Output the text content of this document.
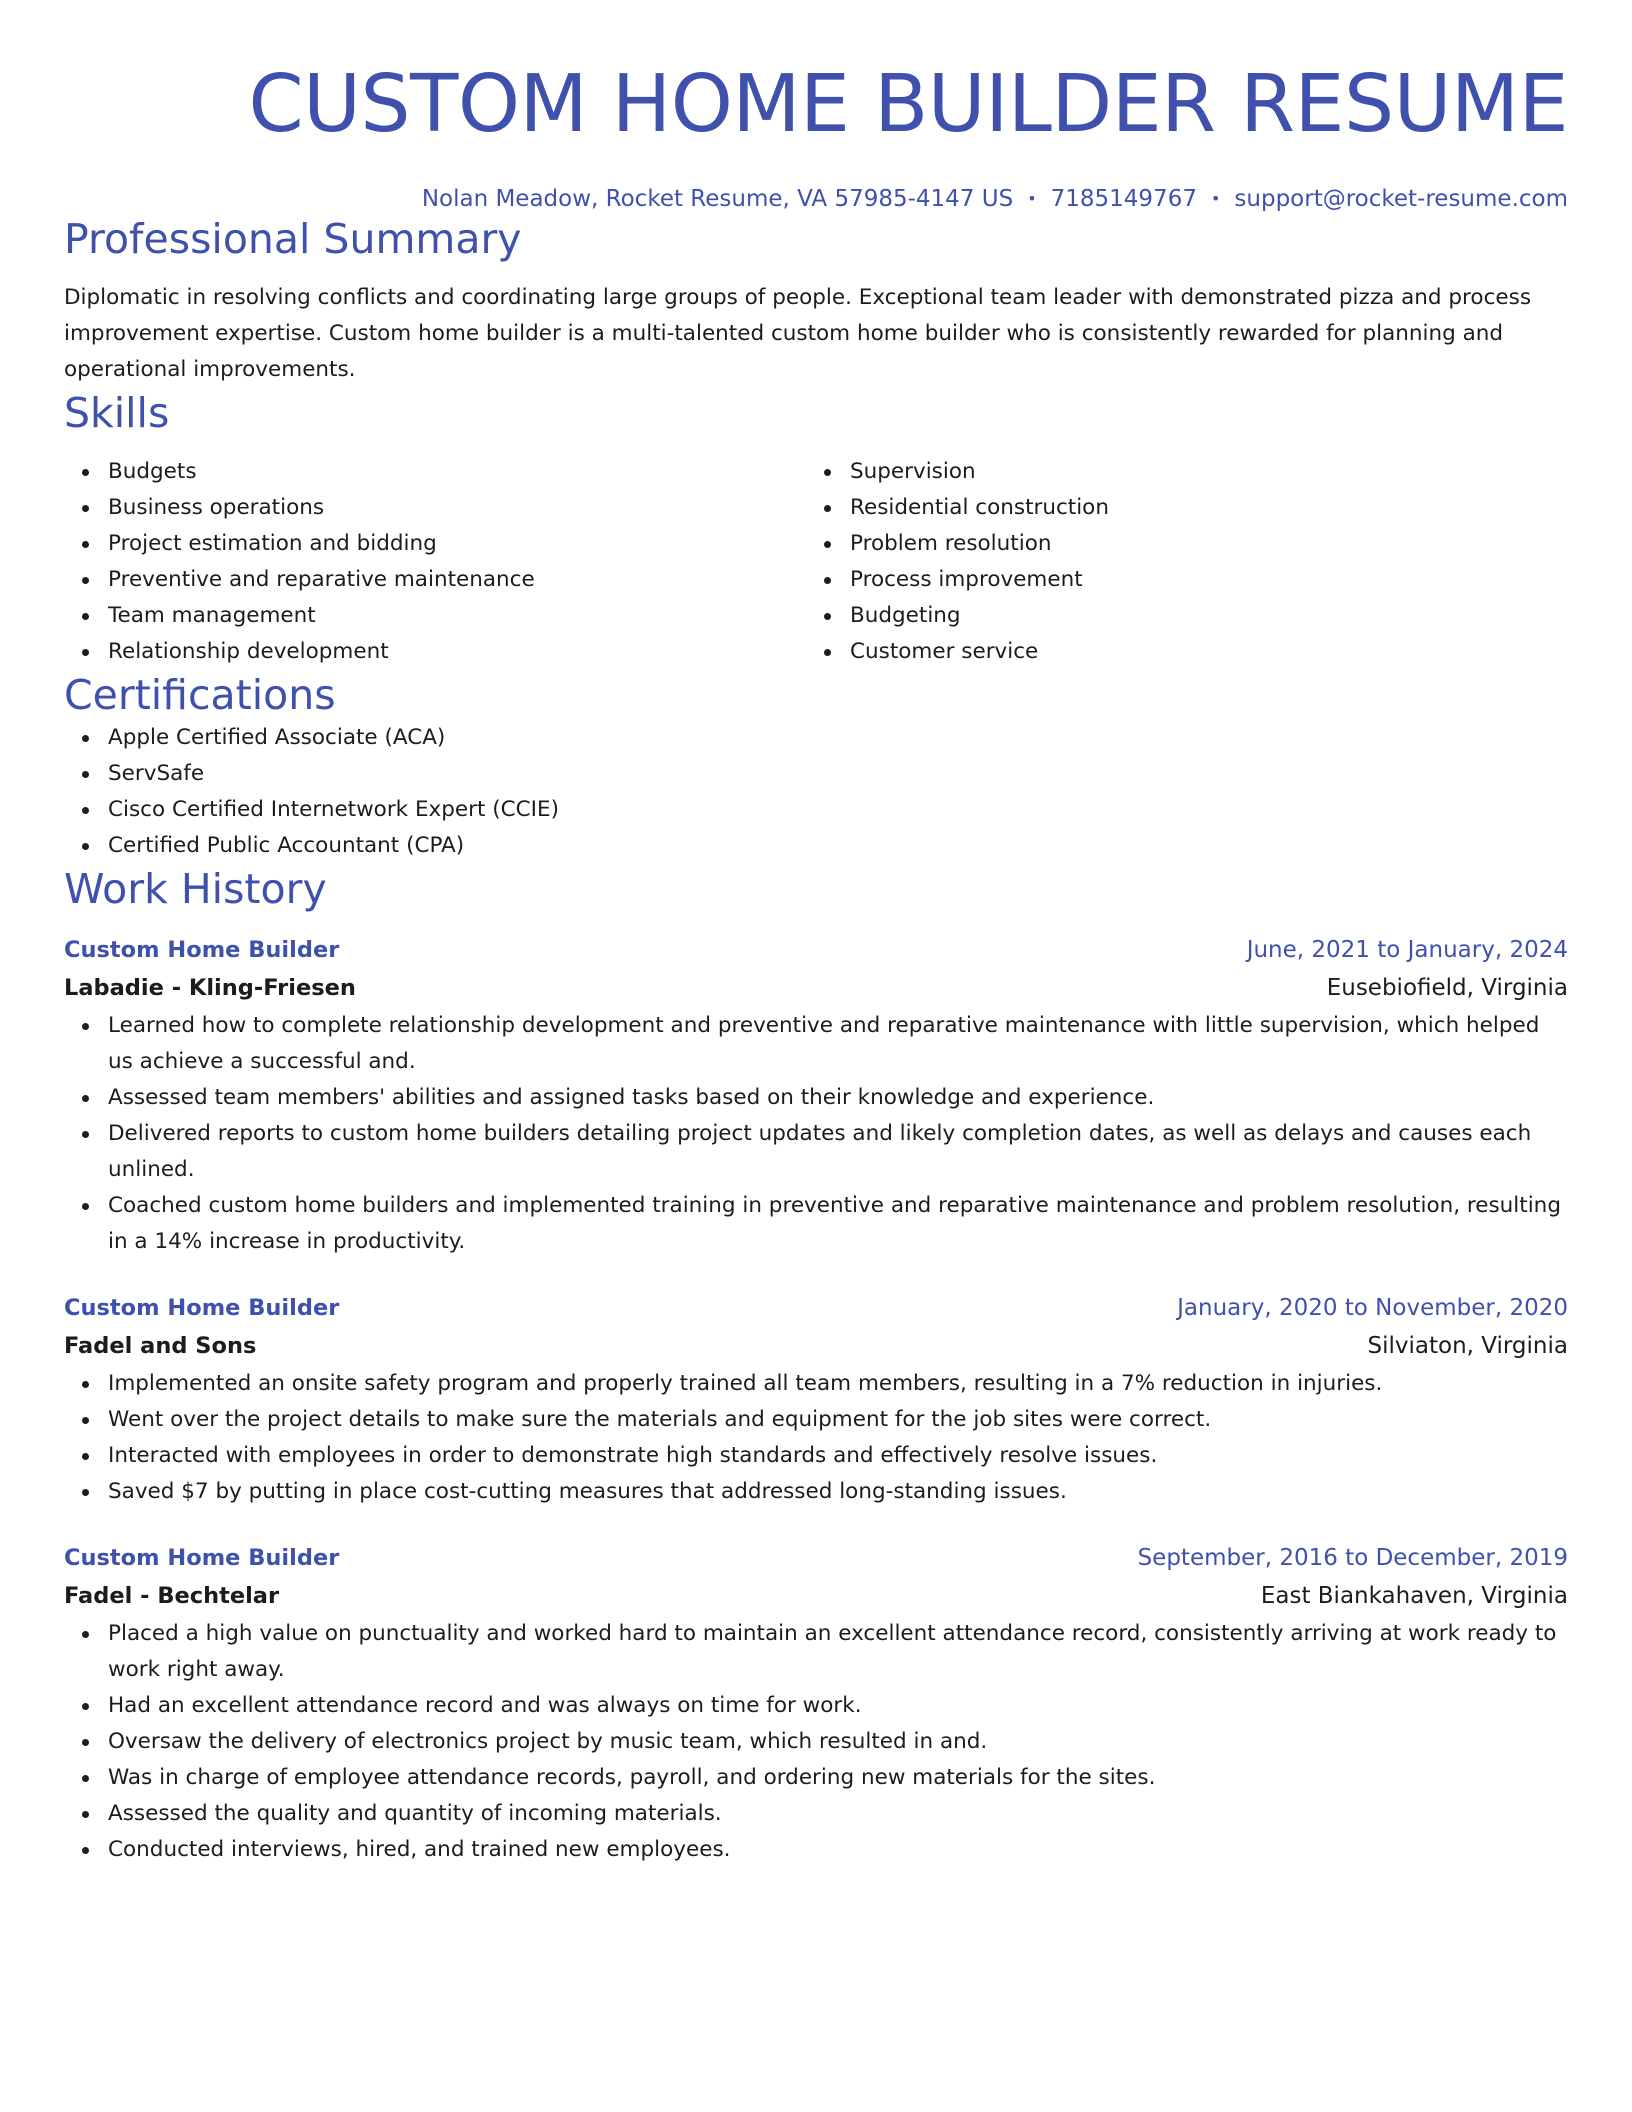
CUSTOM HOME BUILDER RESUME
Nolan Meadow, Rocket Resume, VA 57985-4147 US • 7185149767 • support@rocket-resume.com
Professional Summary

Diplomatic in resolving conflicts and coordinating large groups of people. Exceptional team leader with demonstrated pizza and process improvement expertise. Custom home builder is a multi-talented custom home builder who is consistently rewarded for planning and operational improvements.

Skills
Budgets
Business operations
Project estimation and bidding
Preventive and reparative maintenance
Team management
Relationship development
Supervision
Residential construction
Problem resolution
Process improvement
Budgeting
Customer service
Certifications
Apple Certified Associate (ACA)
ServSafe
Cisco Certified Internetwork Expert (CCIE)
Certified Public Accountant (CPA)
Work History
Custom Home Builder	June, 2021 to January, 2024
Labadie - Kling-Friesen	Eusebiofield, Virginia
Learned how to complete relationship development and preventive and reparative maintenance with little supervision, which helped us achieve a successful and.
Assessed team members' abilities and assigned tasks based on their knowledge and experience.
Delivered reports to custom home builders detailing project updates and likely completion dates, as well as delays and causes each unlined.
Coached custom home builders and implemented training in preventive and reparative maintenance and problem resolution, resulting in a 14% increase in productivity.
Custom Home Builder	January, 2020 to November, 2020
Fadel and Sons	Silviaton, Virginia
Implemented an onsite safety program and properly trained all team members, resulting in a 7% reduction in injuries.
Went over the project details to make sure the materials and equipment for the job sites were correct.
Interacted with employees in order to demonstrate high standards and effectively resolve issues.
Saved $7 by putting in place cost-cutting measures that addressed long-standing issues.
Custom Home Builder	September, 2016 to December, 2019
Fadel - Bechtelar	East Biankahaven, Virginia
Placed a high value on punctuality and worked hard to maintain an excellent attendance record, consistently arriving at work ready to work right away.
Had an excellent attendance record and was always on time for work.
Oversaw the delivery of electronics project by music team, which resulted in and.
Was in charge of employee attendance records, payroll, and ordering new materials for the sites.
Assessed the quality and quantity of incoming materials.
Conducted interviews, hired, and trained new employees.
